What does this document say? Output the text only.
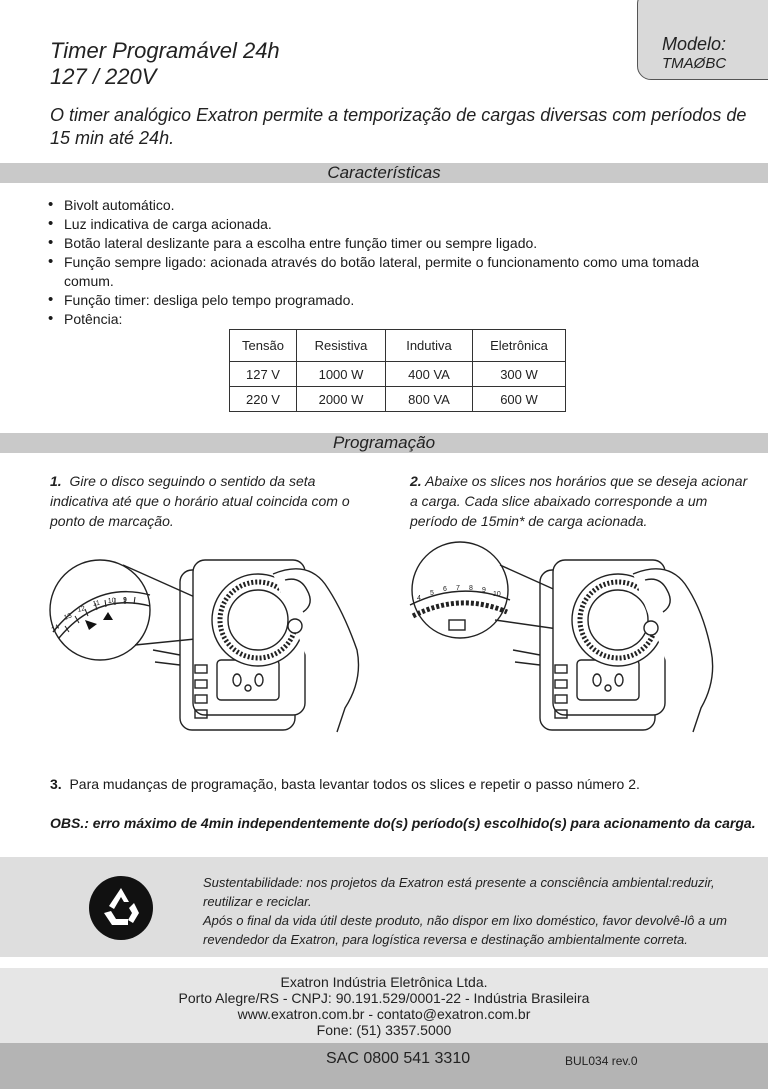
Timer Programável 24h
127 / 220V
Modelo:
TMAØBC
O timer analógico Exatron permite a temporização de cargas diversas com períodos de 15 min até 24h.
Características
• Bivolt automático.
• Luz indicativa de carga acionada.
• Botão lateral deslizante para a escolha entre função timer ou sempre ligado.
• Função sempre ligado: acionada através do botão lateral, permite o funcionamento como uma tomada comum.
• Função timer: desliga pelo tempo programado.
• Potência:
Tensão	Resistiva	Indutiva	Eletrônica
127 V	1000 W	400 VA	300 W
220 V	2000 W	800 VA	600 W
Programação
1. Gire o disco seguindo o sentido da seta indicativa até que o horário atual coincida com o ponto de marcação.
2. Abaixe os slices nos horários que se deseja acionar a carga. Cada slice abaixado corresponde a um período de 15min* de carga acionada.
14
13
12
11 10 9	4
5
6 7 8 9
10
3. Para mudanças de programação, basta levantar todos os slices e repetir o passo número 2.
OBS.: erro máximo de 4min independentemente do(s) período(s) escolhido(s) para acionamento da carga.
Sustentabilidade: nos projetos da Exatron está presente a consciência ambiental:reduzir, reutilizar e reciclar.
Após o final da vida útil deste produto, não dispor em lixo doméstico, favor devolvê-lô a um revendedor da Exatron, para logística reversa e destinação ambientalmente correta.
Exatron Indústria Eletrônica Ltda.
Porto Alegre/RS - CNPJ: 90.191.529/0001-22 - Indústria Brasileira
www.exatron.com.br - contato@exatron.com.br
Fone: (51) 3357.5000
SAC 0800 541 3310	BUL034 rev.0
